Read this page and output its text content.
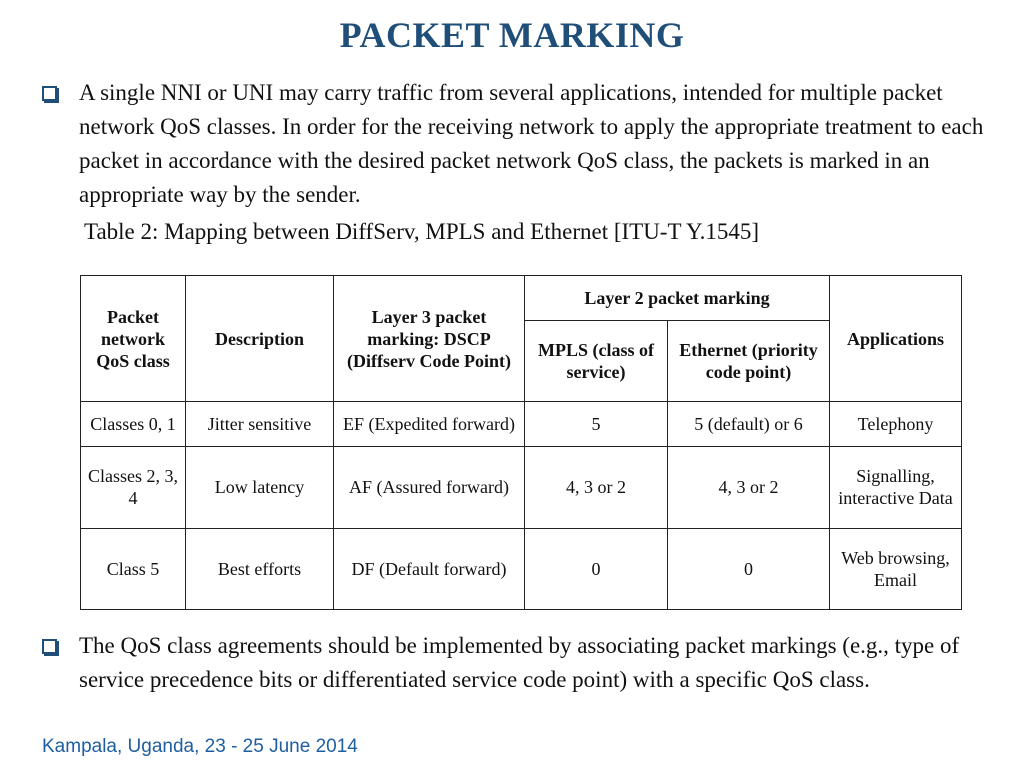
PACKET MARKING
A single NNI or UNI may carry traffic from several applications, intended for multiple packet network QoS classes. In order for the receiving network to apply the appropriate treatment to each packet in accordance with the desired packet network QoS class, the packets is marked in an appropriate way by the sender.
Table 2: Mapping between DiffServ, MPLS and Ethernet [ITU-T Y.1545]
Packet network QoS class	Description	Layer 3 packet marking: DSCP (Diffserv Code Point)	Layer 2 packet marking		Applications
			MPLS (class of service)	Ethernet (priority code point)	
Classes 0, 1	Jitter sensitive	EF (Expedited forward)	5	5 (default) or 6	Telephony
Classes 2, 3, 4	Low latency	AF (Assured forward)	4, 3 or 2	4, 3 or 2	Signalling, interactive Data
Class 5	Best efforts	DF (Default forward)	0	0	Web browsing, Email
The QoS class agreements should be implemented by associating packet markings (e.g., type of service precedence bits or differentiated service code point) with a specific QoS class.
Kampala, Uganda, 23 - 25 June 2014
